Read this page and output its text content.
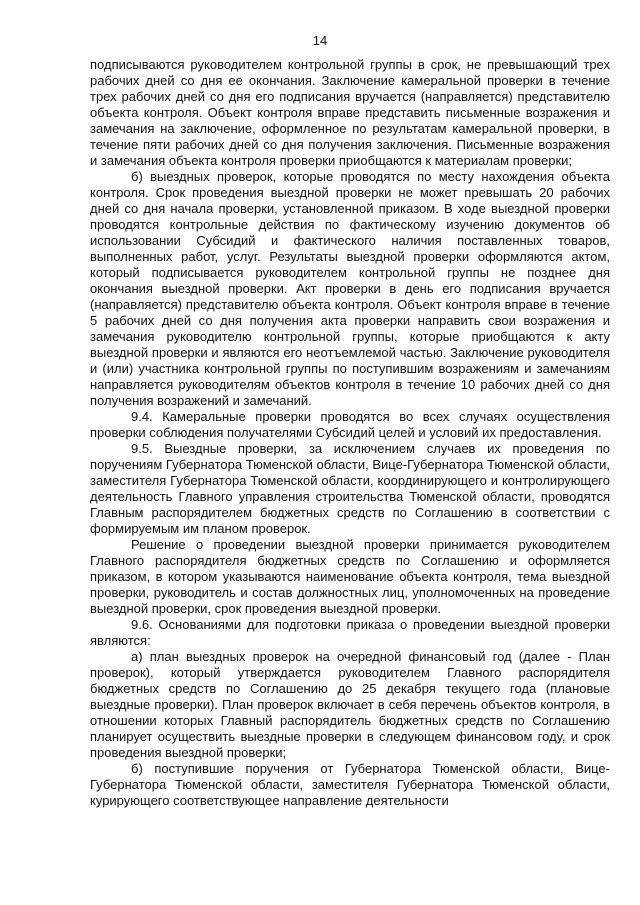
14

подписываются руководителем контрольной группы в срок, не превышающий трех рабочих дней со дня ее окончания. Заключение камеральной проверки в течение трех рабочих дней со дня его подписания вручается (направляется) представителю объекта контроля. Объект контроля вправе представить письменные возражения и замечания на заключение, оформленное по результатам камеральной проверки, в течение пяти рабочих дней со дня получения заключения. Письменные возражения и замечания объекта контроля проверки приобщаются к материалам проверки;

б) выездных проверок, которые проводятся по месту нахождения объекта контроля. Срок проведения выездной проверки не может превышать 20 рабочих дней со дня начала проверки, установленной приказом. В ходе выездной проверки проводятся контрольные действия по фактическому изучению документов об использовании Субсидий и фактического наличия поставленных товаров, выполненных работ, услуг. Результаты выездной проверки оформляются актом, который подписывается руководителем контрольной группы не позднее дня окончания выездной проверки. Акт проверки в день его подписания вручается (направляется) представителю объекта контроля. Объект контроля вправе в течение 5 рабочих дней со дня получения акта проверки направить свои возражения и замечания руководителю контрольной группы, которые приобщаются к акту выездной проверки и являются его неотъемлемой частью. Заключение руководителя и (или) участника контрольной группы по поступившим возражениям и замечаниям направляется руководителям объектов контроля в течение 10 рабочих дней со дня получения возражений и замечаний.

9.4. Камеральные проверки проводятся во всех случаях осуществления проверки соблюдения получателями Субсидий целей и условий их предоставления.

9.5. Выездные проверки, за исключением случаев их проведения по поручениям Губернатора Тюменской области, Вице-Губернатора Тюменской области, заместителя Губернатора Тюменской области, координирующего и контролирующего деятельность Главного управления строительства Тюменской области, проводятся Главным распорядителем бюджетных средств по Соглашению в соответствии с формируемым им планом проверок.

Решение о проведении выездной проверки принимается руководителем Главного распорядителя бюджетных средств по Соглашению и оформляется приказом, в котором указываются наименование объекта контроля, тема выездной проверки, руководитель и состав должностных лиц, уполномоченных на проведение выездной проверки, срок проведения выездной проверки.

9.6. Основаниями для подготовки приказа о проведении выездной проверки являются:

а) план выездных проверок на очередной финансовый год (далее - План проверок), который утверждается руководителем Главного распорядителя бюджетных средств по Соглашению до 25 декабря текущего года (плановые выездные проверки). План проверок включает в себя перечень объектов контроля, в отношении которых Главный распорядитель бюджетных средств по Соглашению планирует осуществить выездные проверки в следующем финансовом году, и срок проведения выездной проверки;

б) поступившие поручения от Губернатора Тюменской области, Вице-Губернатора Тюменской области, заместителя Губернатора Тюменской области, курирующего соответствующее направление деятельности
